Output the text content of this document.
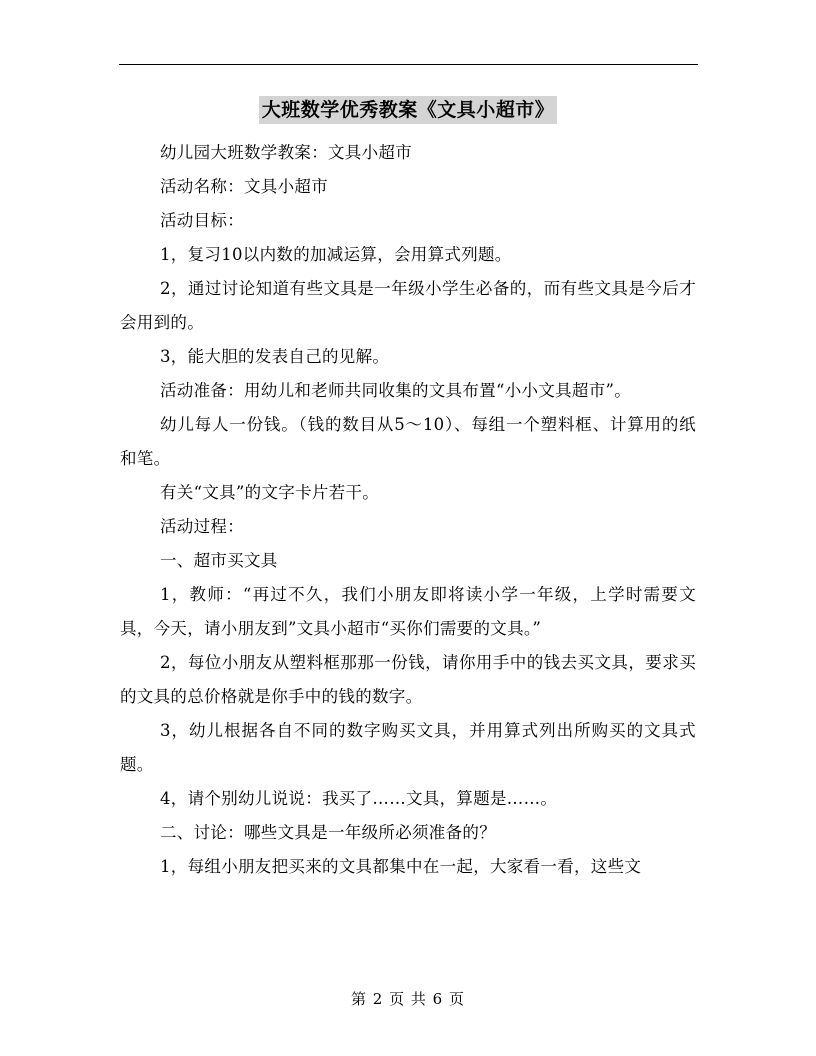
大班数学优秀教案《文具小超市》

幼儿园大班数学教案：文具小超市

活动名称：文具小超市

活动目标：

1，复习10以内数的加减运算，会用算式列题。

2，通过讨论知道有些文具是一年级小学生必备的，而有些文具是今后才会用到的。

3，能大胆的发表自己的见解。

活动准备：用幼儿和老师共同收集的文具布置“小小文具超市”。

幼儿每人一份钱。（钱的数目从5～10）、每组一个塑料框、计算用的纸和笔。

有关“文具”的文字卡片若干。

活动过程：

一、超市买文具

1，教师：“再过不久，我们小朋友即将读小学一年级，上学时需要文具，今天，请小朋友到”文具小超市“买你们需要的文具。”

2，每位小朋友从塑料框那那一份钱，请你用手中的钱去买文具，要求买的文具的总价格就是你手中的钱的数字。

3，幼儿根据各自不同的数字购买文具，并用算式列出所购买的文具式题。

4，请个别幼儿说说：我买了……文具，算题是……。

二、讨论：哪些文具是一年级所必须准备的？

1，每组小朋友把买来的文具都集中在一起，大家看一看，这些文

第 2 页 共 6 页
